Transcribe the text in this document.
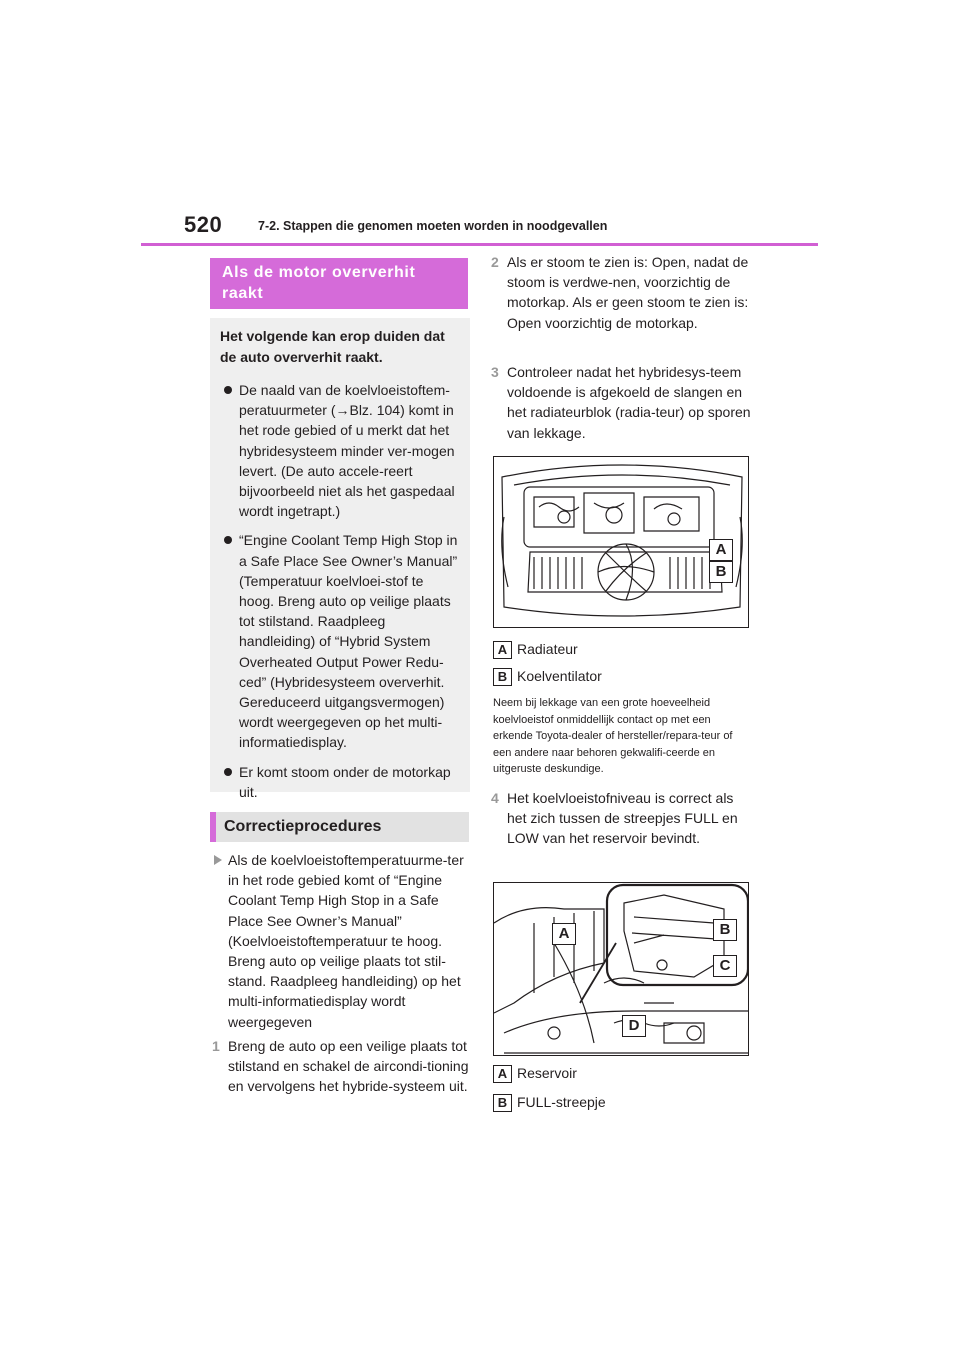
520	7-2. Stappen die genomen moeten worden in noodgevallen
Als de motor oververhit raakt
Het volgende kan erop duiden dat de auto oververhit raakt.
De naald van de koelvloeistoftem-peratuurmeter (→Blz. 104) komt in het rode gebied of u merkt dat het hybridesysteem minder ver-mogen levert. (De auto accele-reert bijvoorbeeld niet als het gaspedaal wordt ingetrapt.)
“Engine Coolant Temp High Stop in a Safe Place See Owner’s Manual” (Temperatuur koelvloei-stof te hoog. Breng auto op veilige plaats tot stilstand. Raadpleeg handleiding) of “Hybrid System Overheated Output Power Redu-ced” (Hybridesysteem oververhit. Gereduceerd uitgangsvermogen) wordt weergegeven op het multi-informatiedisplay.
Er komt stoom onder de motorkap uit.
Correctieprocedures
Als de koelvloeistoftemperatuurme-ter in het rode gebied komt of “Engine Coolant Temp High Stop in a Safe Place See Owner’s Manual” (Koelvloeistoftemperatuur te hoog. Breng auto op veilige plaats tot stil-stand. Raadpleeg handleiding) op het multi-informatiedisplay wordt weergegeven
1 Breng de auto op een veilige plaats tot stilstand en schakel de aircondi-tioning en vervolgens het hybride-systeem uit.
2 Als er stoom te zien is: Open, nadat de stoom is verdwe-nen, voorzichtig de motorkap. Als er geen stoom te zien is: Open voorzichtig de motorkap.
3 Controleer nadat het hybridesys-teem voldoende is afgekoeld de slangen en het radiateurblok (radia-teur) op sporen van lekkage.
A
B
A Radiateur
B Koelventilator
Neem bij lekkage van een grote hoeveelheid koelvloeistof onmiddellijk contact op met een erkende Toyota-dealer of hersteller/repara-teur of een andere naar behoren gekwalifi-ceerde en uitgeruste deskundige.
4 Het koelvloeistofniveau is correct als het zich tussen de streepjes FULL en LOW van het reservoir bevindt.
A	B
C
D
A Reservoir
B FULL-streepje
